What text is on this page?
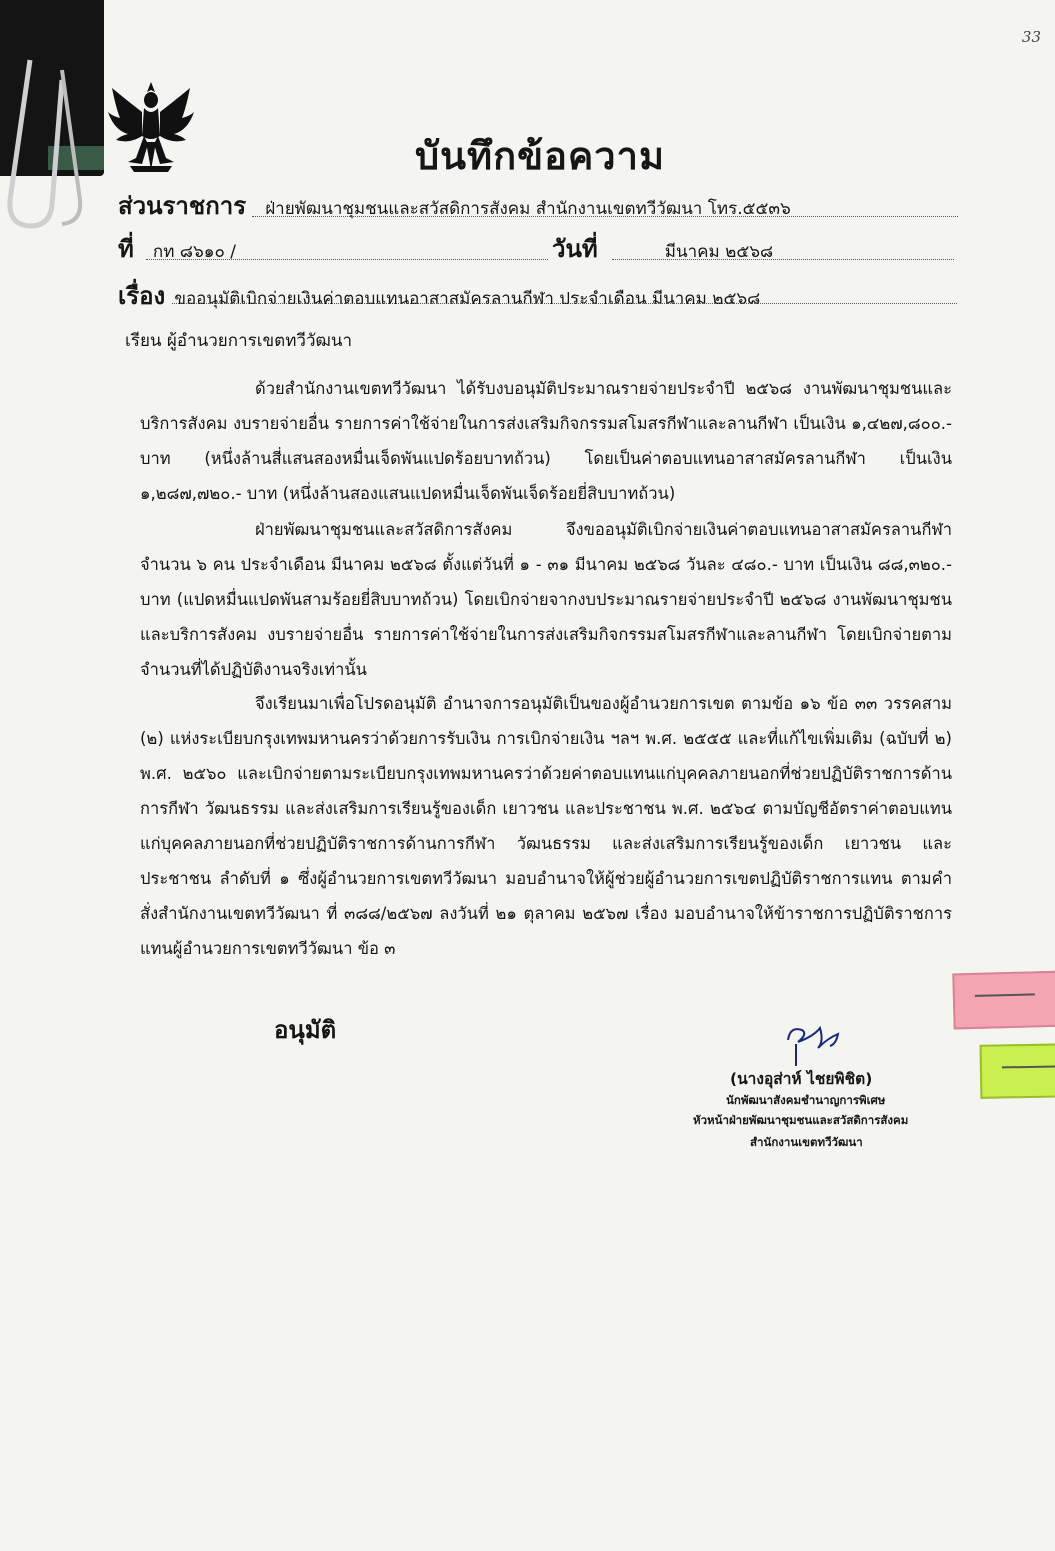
33
บันทึกข้อความ
ส่วนราชการ ฝ่ายพัฒนาชุมชนและสวัสดิการสังคม สำนักงานเขตทวีวัฒนา โทร.๕๕๓๖
ที่ กท ๘๖๑๐ /	วันที่	มีนาคม ๒๕๖๘
เรื่อง ขออนุมัติเบิกจ่ายเงินค่าตอบแทนอาสาสมัครลานกีฬา ประจำเดือน มีนาคม ๒๕๖๘
เรียน ผู้อำนวยการเขตทวีวัฒนา
ด้วยสำนักงานเขตทวีวัฒนา ได้รับงบอนุมัติประมาณรายจ่ายประจำปี ๒๕๖๘ งานพัฒนาชุมชนและบริการสังคม งบรายจ่ายอื่น รายการค่าใช้จ่ายในการส่งเสริมกิจกรรมสโมสรกีฬาและลานกีฬา เป็นเงิน ๑,๔๒๗,๘๐๐.- บาท (หนึ่งล้านสี่แสนสองหมื่นเจ็ดพันแปดร้อยบาทถ้วน) โดยเป็นค่าตอบแทนอาสาสมัครลานกีฬา เป็นเงิน ๑,๒๘๗,๗๒๐.- บาท (หนึ่งล้านสองแสนแปดหมื่นเจ็ดพันเจ็ดร้อยยี่สิบบาทถ้วน)
ฝ่ายพัฒนาชุมชนและสวัสดิการสังคม จึงขออนุมัติเบิกจ่ายเงินค่าตอบแทนอาสาสมัครลานกีฬา จำนวน ๖ คน ประจำเดือน มีนาคม ๒๕๖๘ ตั้งแต่วันที่ ๑ - ๓๑ มีนาคม ๒๕๖๘ วันละ ๔๘๐.- บาท เป็นเงิน ๘๘,๓๒๐.- บาท (แปดหมื่นแปดพันสามร้อยยี่สิบบาทถ้วน) โดยเบิกจ่ายจากงบประมาณรายจ่ายประจำปี ๒๕๖๘ งานพัฒนาชุมชนและบริการสังคม งบรายจ่ายอื่น รายการค่าใช้จ่ายในการส่งเสริมกิจกรรมสโมสรกีฬาและลานกีฬา โดยเบิกจ่ายตามจำนวนที่ได้ปฏิบัติงานจริงเท่านั้น
จึงเรียนมาเพื่อโปรดอนุมัติ อำนาจการอนุมัติเป็นของผู้อำนวยการเขต ตามข้อ ๑๖ ข้อ ๓๓ วรรคสาม (๒) แห่งระเบียบกรุงเทพมหานครว่าด้วยการรับเงิน การเบิกจ่ายเงิน ฯลฯ พ.ศ. ๒๕๕๕ และที่แก้ไขเพิ่มเติม (ฉบับที่ ๒) พ.ศ. ๒๕๖๐ และเบิกจ่ายตามระเบียบกรุงเทพมหานครว่าด้วยค่าตอบแทนแก่บุคคลภายนอกที่ช่วยปฏิบัติราชการด้านการกีฬา วัฒนธรรม และส่งเสริมการเรียนรู้ของเด็ก เยาวชน และประชาชน พ.ศ. ๒๕๖๔ ตามบัญชีอัตราค่าตอบแทนแก่บุคคลภายนอกที่ช่วยปฏิบัติราชการด้านการกีฬา วัฒนธรรม และส่งเสริมการเรียนรู้ของเด็ก เยาวชน และประชาชน ลำดับที่ ๑ ซึ่งผู้อำนวยการเขตทวีวัฒนา มอบอำนาจให้ผู้ช่วยผู้อำนวยการเขตปฏิบัติราชการแทน ตามคำสั่งสำนักงานเขตทวีวัฒนา ที่ ๓๘๘/๒๕๖๗ ลงวันที่ ๒๑ ตุลาคม ๒๕๖๗ เรื่อง มอบอำนาจให้ข้าราชการปฏิบัติราชการแทนผู้อำนวยการเขตทวีวัฒนา ข้อ ๓
อนุมัติ
(นางอุส่าห์ ไชยพิชิต)
นักพัฒนาสังคมชำนาญการพิเศษ
หัวหน้าฝ่ายพัฒนาชุมชนและสวัสดิการสังคม
สำนักงานเขตทวีวัฒนา
